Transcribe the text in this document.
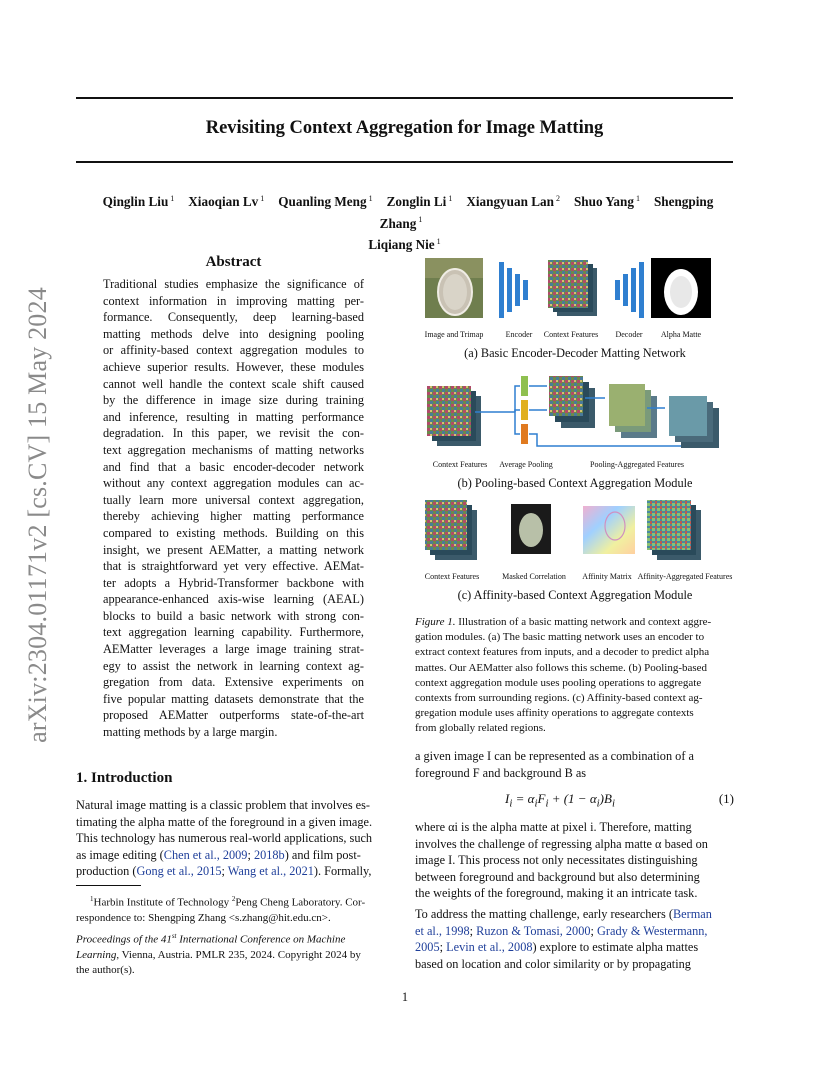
Revisiting Context Aggregation for Image Matting
Qinglin Liu $^1$ Xiaoqian Lv $^1$ Quanling Meng $^1$ Zonglin Li $^1$ Xiangyuan Lan $^2$ Shuo Yang $^1$ Shengping Zhang $^1$
Liqiang Nie $^1$
arXiv:2304.01171v2 [cs.CV] 15 May 2024
Abstract
Traditional studies emphasize the significance of
context information in improving matting per-
formance. Consequently, deep learning-based
matting methods delve into designing pooling
or affinity-based context aggregation modules to
achieve superior results. However, these modules
cannot well handle the context scale shift caused
by the difference in image size during training
and inference, resulting in matting performance
degradation. In this paper, we revisit the con-
text aggregation mechanisms of matting networks
and find that a basic encoder-decoder network
without any context aggregation modules can ac-
tually learn more universal context aggregation,
thereby achieving higher matting performance
compared to existing methods. Building on this
insight, we present AEMatter, a matting network
that is straightforward yet very effective. AEMat-
ter adopts a Hybrid-Transformer backbone with
appearance-enhanced axis-wise learning (AEAL)
blocks to build a basic network with strong con-
text aggregation learning capability. Furthermore,
AEMatter leverages a large image training strat-
egy to assist the network in learning context ag-
gregation from data. Extensive experiments on
five popular matting datasets demonstrate that the
proposed AEMatter outperforms state-of-the-art
matting methods by a large margin.
1. Introduction
Natural image matting is a classic problem that involves es-
timating the alpha matte of the foreground in a given image.
This technology has numerous real-world applications, such
as image editing (Chen et al., 2009; 2018b) and film post-
production (Gong et al., 2015; Wang et al., 2021). Formally,
$^1$Harbin Institute of Technology $^2$Peng Cheng Laboratory. Cor-
respondence to: Shengping Zhang <s.zhang@hit.edu.cn>.
Proceedings of the 41st International Conference on Machine
Learning, Vienna, Austria. PMLR 235, 2024. Copyright 2024 by
the author(s).
1
Image and Trimap	Encoder	Context Features	Decoder	Alpha Matte
(a) Basic Encoder-Decoder Matting Network
Context Features	Average Pooling	Pooling-Aggregated Features
(b) Pooling-based Context Aggregation Module
Context Features	Masked Correlation	Affinity Matrix Affinity-Aggregated Features
(c) Affinity-based Context Aggregation Module
Figure 1. Illustration of a basic matting network and context aggre-
gation modules. (a) The basic matting network uses an encoder to
extract context features from inputs, and a decoder to predict alpha
mattes. Our AEMatter also follows this scheme. (b) Pooling-based
context aggregation module uses pooling operations to aggregate
contexts from surrounding regions. (c) Affinity-based context ag-
gregation module uses affinity operations to aggregate contexts
from globally related regions.
a given image I can be represented as a combination of a
foreground F and background B as
$I_i = \alpha_iF_i + (1 - \alpha_i)B_i$	(1)
where αi is the alpha matte at pixel i. Therefore, matting
involves the challenge of regressing alpha matte α based on
image I. This process not only necessitates distinguishing
between foreground and background but also determining
the weights of the foreground, making it an intricate task.
To address the matting challenge, early researchers (Berman
et al., 1998; Ruzon & Tomasi, 2000; Grady & Westermann,
2005; Levin et al., 2008) explore to estimate alpha mattes
based on location and color similarity or by propagating
